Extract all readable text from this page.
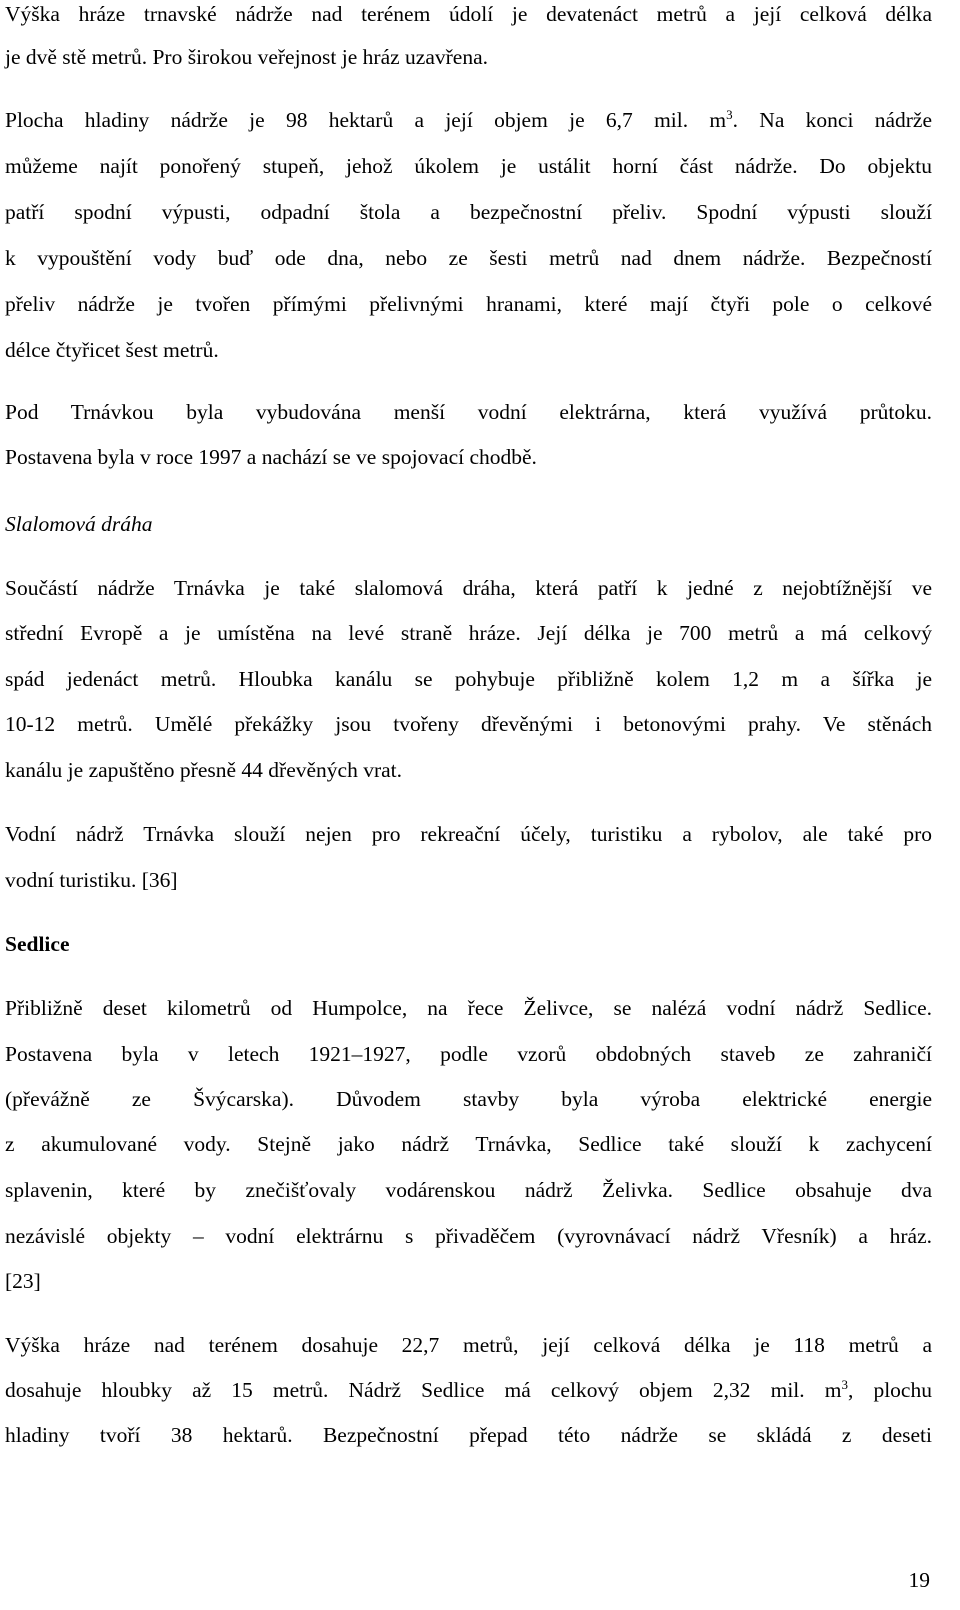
Výška hráze trnavské nádrže nad terénem údolí je devatenáct metrů a její celková délka
je dvě stě metrů. Pro širokou veřejnost je hráz uzavřena.
Plocha hladiny nádrže je 98 hektarů a její objem je 6,7 mil. $m^3$. Na konci nádrže
můžeme najít ponořený stupeň, jehož úkolem je ustálit horní část nádrže. Do objektu
patří spodní výpusti, odpadní štola a bezpečnostní přeliv. Spodní výpusti slouží
k vypouštění vody buď ode dna, nebo ze šesti metrů nad dnem nádrže. Bezpečností
přeliv nádrže je tvořen přímými přelivnými hranami, které mají čtyři pole o celkové
délce čtyřicet šest metrů.
Pod Trnávkou byla vybudována menší vodní elektrárna, která využívá průtoku.
Postavena byla v roce 1997 a nachází se ve spojovací chodbě.
Slalomová dráha
Součástí nádrže Trnávka je také slalomová dráha, která patří k jedné z nejobtížnější ve
střední Evropě a je umístěna na levé straně hráze. Její délka je 700 metrů a má celkový
spád jedenáct metrů. Hloubka kanálu se pohybuje přibližně kolem 1,2 m a šířka je
10-12 metrů. Umělé překážky jsou tvořeny dřevěnými i betonovými prahy. Ve stěnách
kanálu je zapuštěno přesně 44 dřevěných vrat.
Vodní nádrž Trnávka slouží nejen pro rekreační účely, turistiku a rybolov, ale také pro
vodní turistiku. [36]
Sedlice
Přibližně deset kilometrů od Humpolce, na řece Želivce, se nalézá vodní nádrž Sedlice.
Postavena byla v letech 1921–1927, podle vzorů obdobných staveb ze zahraničí
(převážně ze Švýcarska). Důvodem stavby byla výroba elektrické energie
z akumulované vody. Stejně jako nádrž Trnávka, Sedlice také slouží k zachycení
splavenin, které by znečišťovaly vodárenskou nádrž Želivka. Sedlice obsahuje dva
nezávislé objekty – vodní elektrárnu s přivaděčem (vyrovnávací nádrž Vřesník) a hráz.
[23]
Výška hráze nad terénem dosahuje 22,7 metrů, její celková délka je 118 metrů a
dosahuje hloubky až 15 metrů. Nádrž Sedlice má celkový objem 2,32 mil. $m^3$, plochu
hladiny tvoří 38 hektarů. Bezpečnostní přepad této nádrže se skládá z deseti
19
